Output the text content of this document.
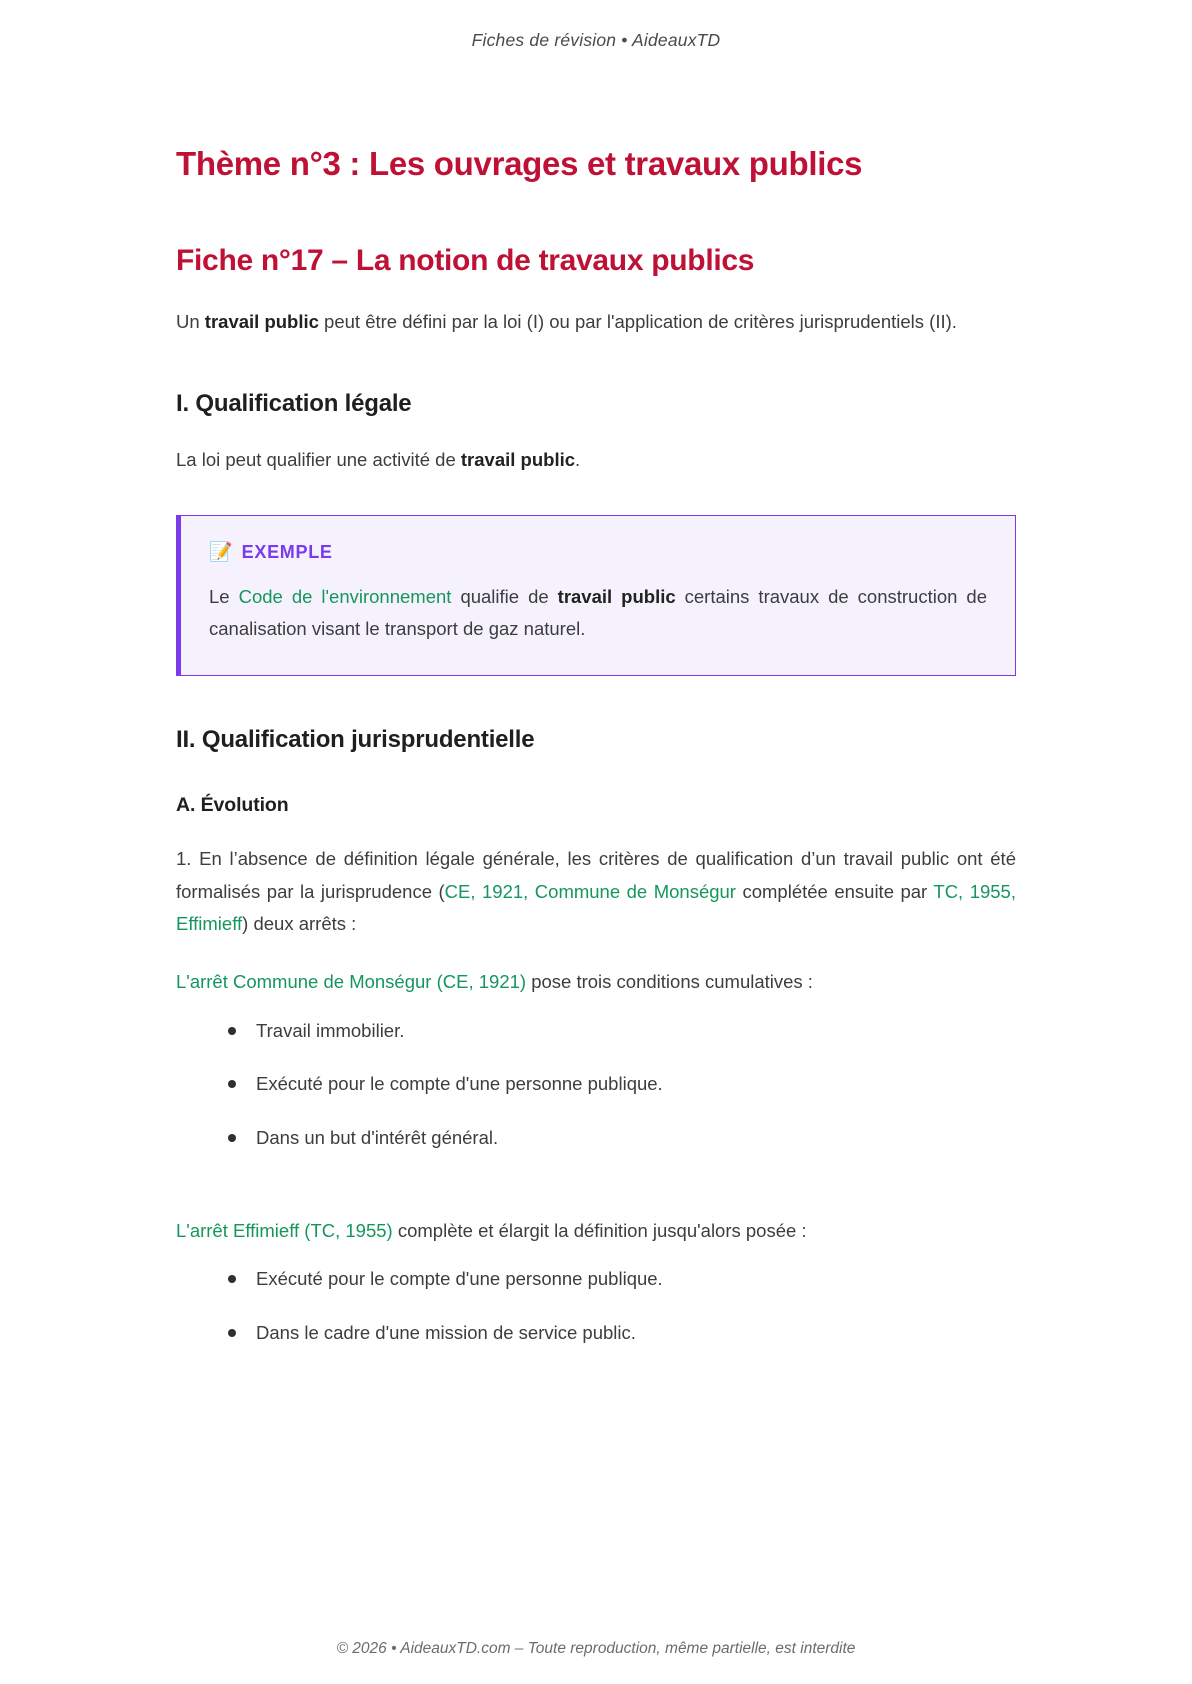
Fiches de révision • AideauxTD
Thème n°3 : Les ouvrages et travaux publics
Fiche n°17 – La notion de travaux publics

Un travail public peut être défini par la loi (I) ou par l'application de critères jurisprudentiels (II).

I. Qualification légale

La loi peut qualifier une activité de travail public.

📝 EXEMPLE

Le Code de l'environnement qualifie de travail public certains travaux de construction de canalisation visant le transport de gaz naturel.

II. Qualification jurisprudentielle
A. Évolution

1. En l’absence de définition légale générale, les critères de qualification d’un travail public ont été formalisés par la jurisprudence (CE, 1921, Commune de Monségur complétée ensuite par TC, 1955, Effimieff) deux arrêts :

L'arrêt Commune de Monségur (CE, 1921) pose trois conditions cumulatives :

Travail immobilier.
Exécuté pour le compte d'une personne publique.
Dans un but d'intérêt général.

L'arrêt Effimieff (TC, 1955) complète et élargit la définition jusqu'alors posée :

Exécuté pour le compte d'une personne publique.
Dans le cadre d'une mission de service public.
© 2026 • AideauxTD.com – Toute reproduction, même partielle, est interdite
